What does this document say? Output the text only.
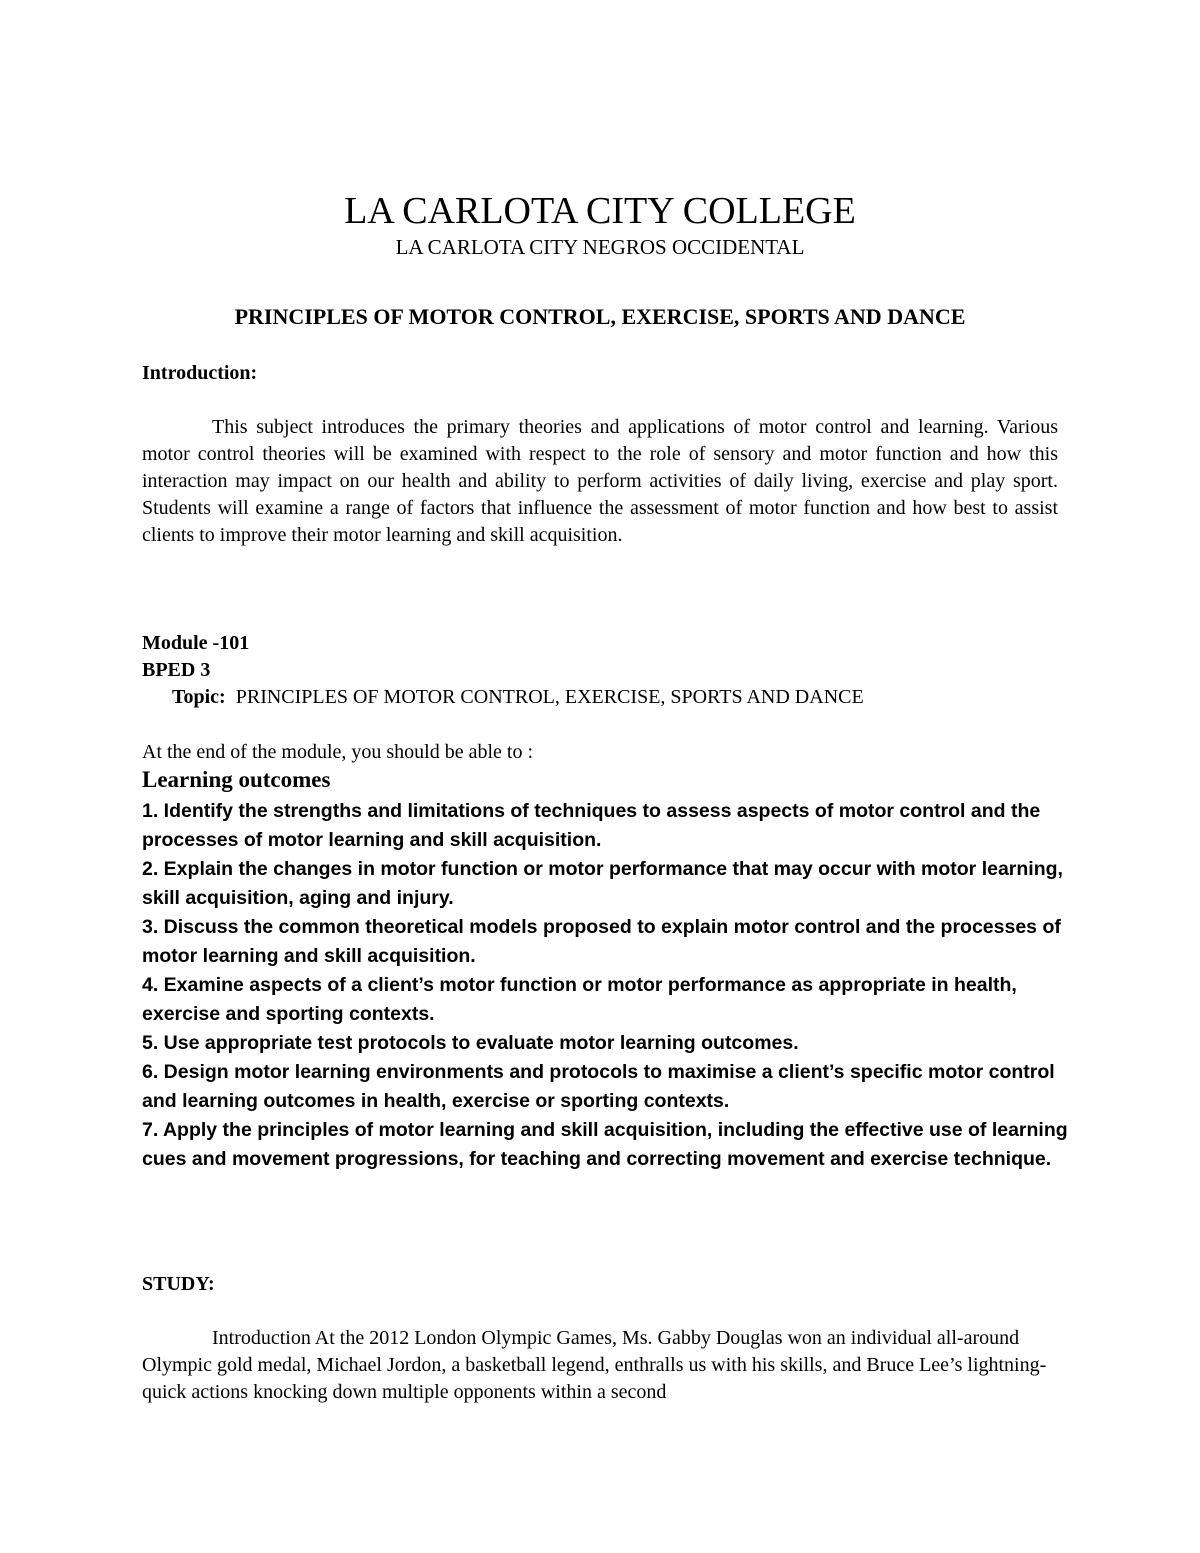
LA CARLOTA CITY COLLEGE
LA CARLOTA CITY NEGROS OCCIDENTAL
PRINCIPLES OF MOTOR CONTROL, EXERCISE, SPORTS AND DANCE
Introduction:

This subject introduces the primary theories and applications of motor control and learning. Various motor control theories will be examined with respect to the role of sensory and motor function and how this interaction may impact on our health and ability to perform activities of daily living, exercise and play sport. Students will examine a range of factors that influence the assessment of motor function and how best to assist clients to improve their motor learning and skill acquisition.

Module -101
BPED 3
Topic: PRINCIPLES OF MOTOR CONTROL, EXERCISE, SPORTS AND DANCE
At the end of the module, you should be able to :
Learning outcomes
1. Identify the strengths and limitations of techniques to assess aspects of motor control and the processes of motor learning and skill acquisition.
2. Explain the changes in motor function or motor performance that may occur with motor learning, skill acquisition, aging and injury.
3. Discuss the common theoretical models proposed to explain motor control and the processes of motor learning and skill acquisition.
4. Examine aspects of a client’s motor function or motor performance as appropriate in health, exercise and sporting contexts.
5. Use appropriate test protocols to evaluate motor learning outcomes.
6. Design motor learning environments and protocols to maximise a client’s specific motor control and learning outcomes in health, exercise or sporting contexts.
7. Apply the principles of motor learning and skill acquisition, including the effective use of learning cues and movement progressions, for teaching and correcting movement and exercise technique.
STUDY:

Introduction At the 2012 London Olympic Games, Ms. Gabby Douglas won an individual all-around Olympic gold medal, Michael Jordon, a basketball legend, enthralls us with his skills, and Bruce Lee’s lightning-quick actions knocking down multiple opponents within a second
